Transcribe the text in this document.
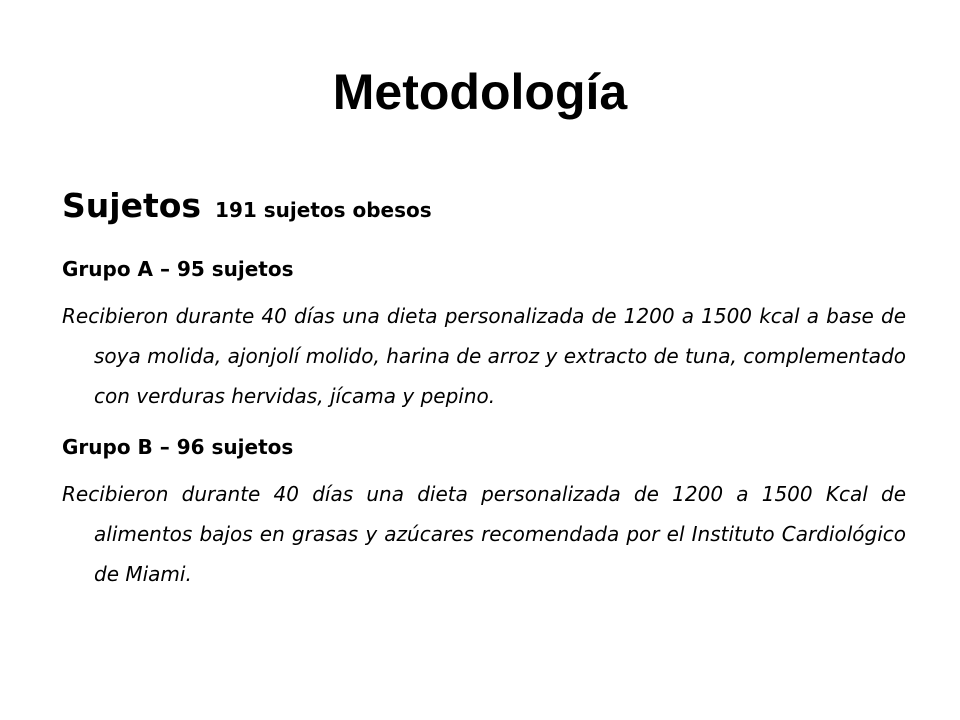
Metodología

Sujetos 191 sujetos obesos

Grupo A – 95 sujetos

Recibieron durante 40 días una dieta personalizada de 1200 a 1500 kcal a base de soya molida, ajonjolí molido, harina de arroz y extracto de tuna, complementado con verduras hervidas, jícama y pepino.

Grupo B – 96 sujetos

Recibieron durante 40 días una dieta personalizada de 1200 a 1500 Kcal de alimentos bajos en grasas y azúcares recomendada por el Instituto Cardiológico de Miami.
